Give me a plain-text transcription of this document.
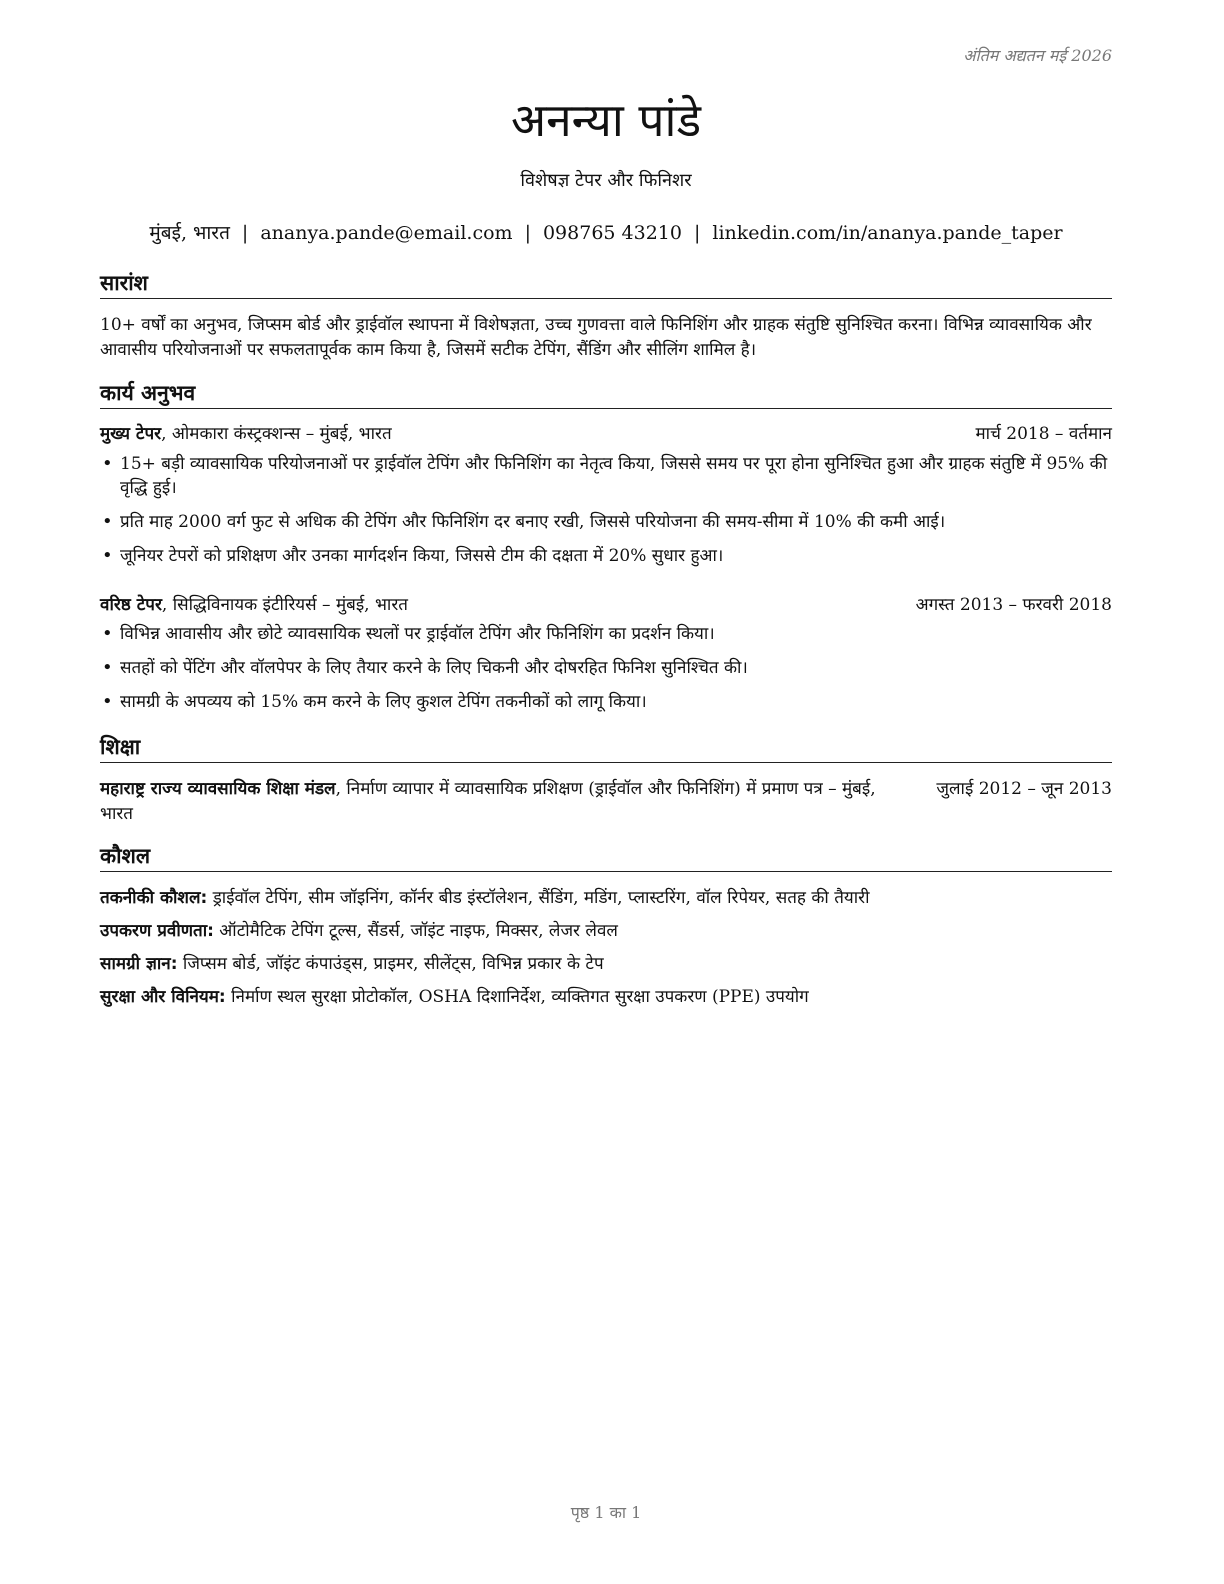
अंतिम अद्यतन मई 2026
अनन्या पांडे
विशेषज्ञ टेपर और फिनिशर
मुंबई, भारत | ananya.pande@email.com | 098765 43210 | linkedin.com/in/ananya.pande_taper
सारांश
10+ वर्षों का अनुभव, जिप्सम बोर्ड और ड्राईवॉल स्थापना में विशेषज्ञता, उच्च गुणवत्ता वाले फिनिशिंग और ग्राहक संतुष्टि सुनिश्चित करना। विभिन्न व्यावसायिक और आवासीय परियोजनाओं पर सफलतापूर्वक काम किया है, जिसमें सटीक टेपिंग, सैंडिंग और सीलिंग शामिल है।
कार्य अनुभव
मुख्य टेपर, ओमकारा कंस्ट्रक्शन्स – मुंबई, भारत	मार्च 2018 – वर्तमान
• 15+ बड़ी व्यावसायिक परियोजनाओं पर ड्राईवॉल टेपिंग और फिनिशिंग का नेतृत्व किया, जिससे समय पर पूरा होना सुनिश्चित हुआ और ग्राहक संतुष्टि में 95% की वृद्धि हुई।
• प्रति माह 2000 वर्ग फुट से अधिक की टेपिंग और फिनिशिंग दर बनाए रखी, जिससे परियोजना की समय-सीमा में 10% की कमी आई।
• जूनियर टेपरों को प्रशिक्षण और उनका मार्गदर्शन किया, जिससे टीम की दक्षता में 20% सुधार हुआ।
वरिष्ठ टेपर, सिद्धिविनायक इंटीरियर्स – मुंबई, भारत	अगस्त 2013 – फरवरी 2018
• विभिन्न आवासीय और छोटे व्यावसायिक स्थलों पर ड्राईवॉल टेपिंग और फिनिशिंग का प्रदर्शन किया।
• सतहों को पेंटिंग और वॉलपेपर के लिए तैयार करने के लिए चिकनी और दोषरहित फिनिश सुनिश्चित की।
• सामग्री के अपव्यय को 15% कम करने के लिए कुशल टेपिंग तकनीकों को लागू किया।
शिक्षा
महाराष्ट्र राज्य व्यावसायिक शिक्षा मंडल, निर्माण व्यापार में व्यावसायिक प्रशिक्षण (ड्राईवॉल और फिनिशिंग) में प्रमाण पत्र – मुंबई, भारत
जुलाई 2012 – जून 2013
कौशल
तकनीकी कौशल: ड्राईवॉल टेपिंग, सीम जॉइनिंग, कॉर्नर बीड इंस्टॉलेशन, सैंडिंग, मडिंग, प्लास्टरिंग, वॉल रिपेयर, सतह की तैयारी
उपकरण प्रवीणता: ऑटोमैटिक टेपिंग टूल्स, सैंडर्स, जॉइंट नाइफ, मिक्सर, लेजर लेवल
सामग्री ज्ञान: जिप्सम बोर्ड, जॉइंट कंपाउंड्स, प्राइमर, सीलेंट्स, विभिन्न प्रकार के टेप
सुरक्षा और विनियम: निर्माण स्थल सुरक्षा प्रोटोकॉल, OSHA दिशानिर्देश, व्यक्तिगत सुरक्षा उपकरण (PPE) उपयोग
पृष्ठ 1 का 1
